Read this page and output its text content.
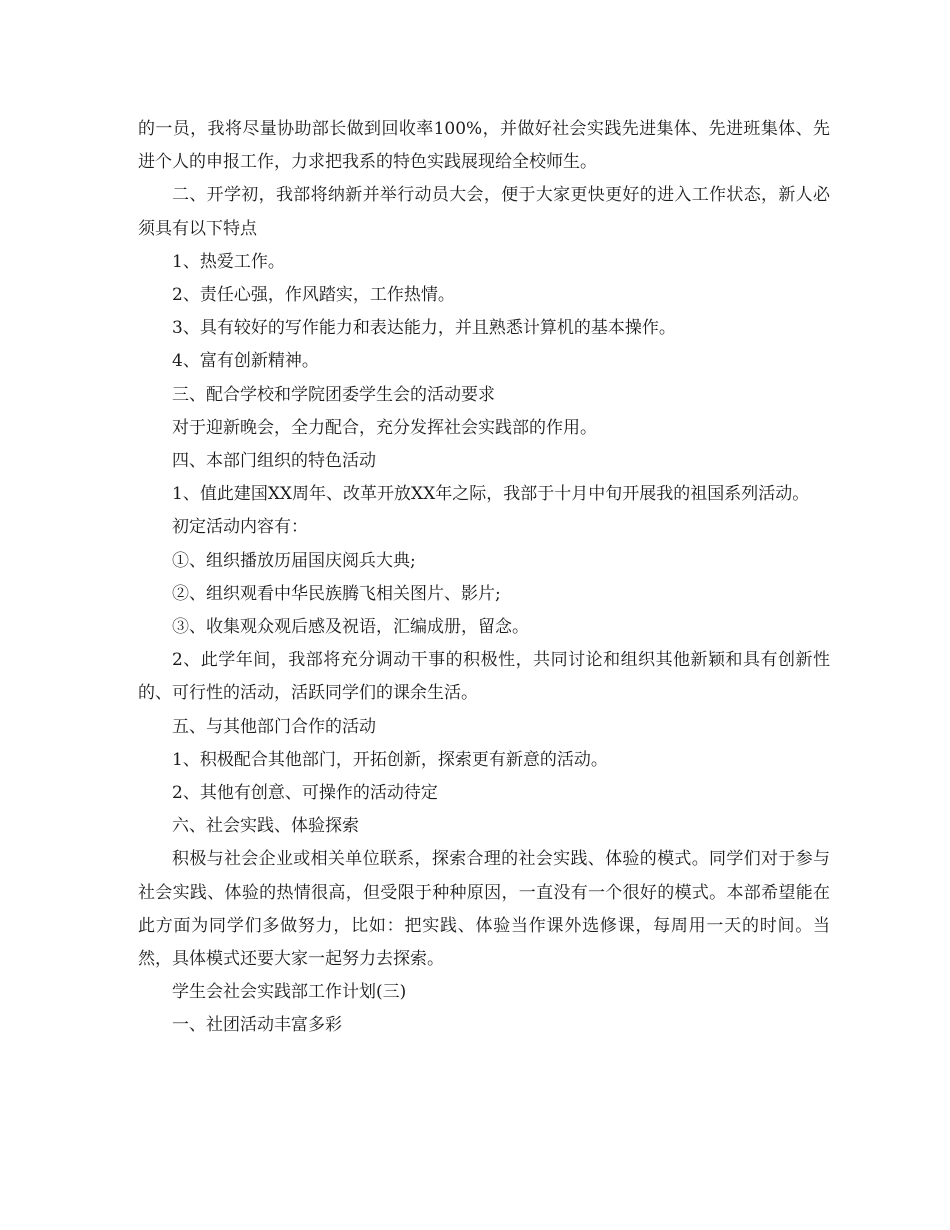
的一员，我将尽量协助部长做到回收率100%，并做好社会实践先进集体、先进班集体、先进个人的申报工作，力求把我系的特色实践展现给全校师生。

二、开学初，我部将纳新并举行动员大会，便于大家更快更好的进入工作状态，新人必须具有以下特点

1、热爱工作。

2、责任心强，作风踏实，工作热情。

3、具有较好的写作能力和表达能力，并且熟悉计算机的基本操作。

4、富有创新精神。

三、配合学校和学院团委学生会的活动要求

对于迎新晚会，全力配合，充分发挥社会实践部的作用。

四、本部门组织的特色活动

1、值此建国XX周年、改革开放XX年之际，我部于十月中旬开展我的祖国系列活动。

初定活动内容有：

①、组织播放历届国庆阅兵大典;

②、组织观看中华民族腾飞相关图片、影片;

③、收集观众观后感及祝语，汇编成册，留念。

2、此学年间，我部将充分调动干事的积极性，共同讨论和组织其他新颖和具有创新性的、可行性的活动，活跃同学们的课余生活。

五、与其他部门合作的活动

1、积极配合其他部门，开拓创新，探索更有新意的活动。

2、其他有创意、可操作的活动待定

六、社会实践、体验探索

积极与社会企业或相关单位联系，探索合理的社会实践、体验的模式。同学们对于参与社会实践、体验的热情很高，但受限于种种原因，一直没有一个很好的模式。本部希望能在此方面为同学们多做努力，比如：把实践、体验当作课外选修课，每周用一天的时间。当然，具体模式还要大家一起努力去探索。

学生会社会实践部工作计划(三)

一、社团活动丰富多彩
